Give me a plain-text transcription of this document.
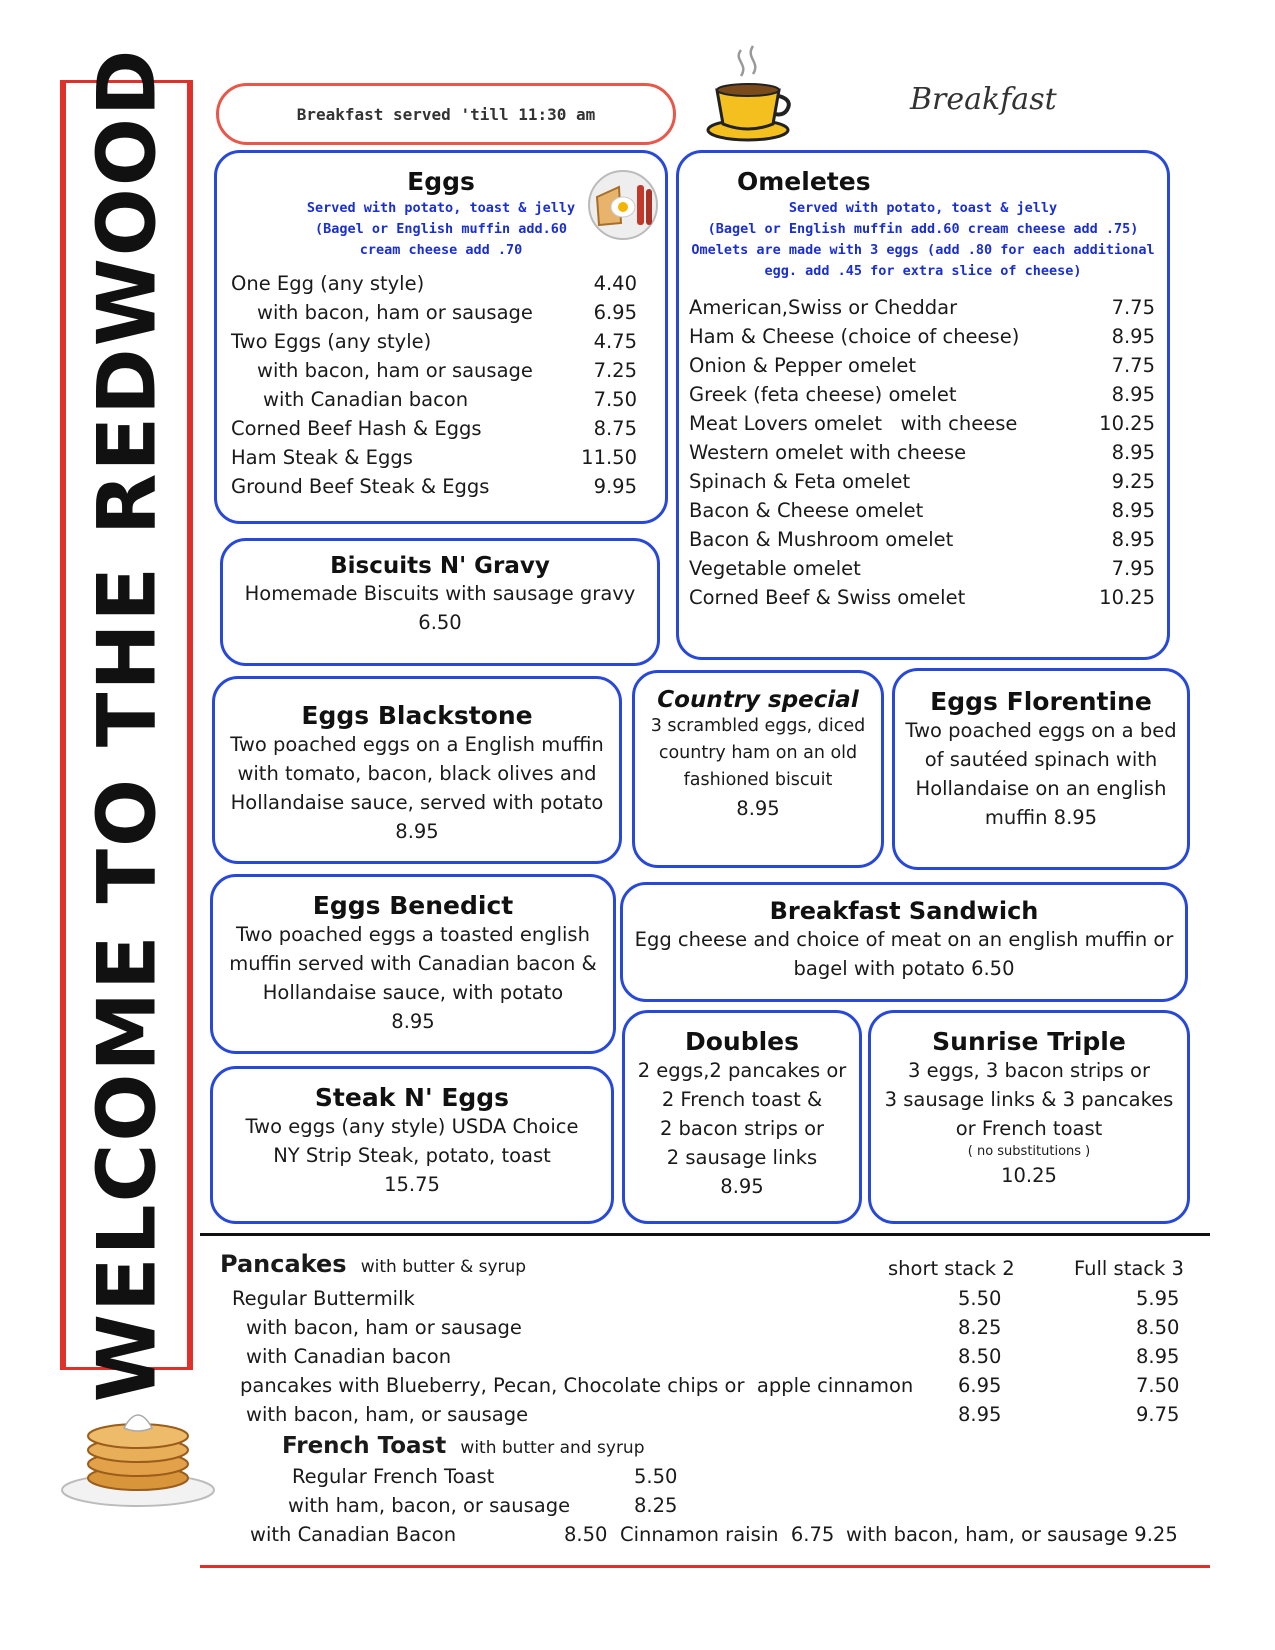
WELCOME TO THE REDWOOD	Breakfast served 'till 11:30 am	Breakfast
Eggs
Served with potato, toast & jelly
(Bagel or English muffin add.60
cream cheese add .70
One Egg (any style)	4.40
with bacon, ham or sausage	6.95
Two Eggs (any style)	4.75
with bacon, ham or sausage	7.25
with Canadian bacon	7.50
Corned Beef Hash & Eggs	8.75
Ham Steak & Eggs	11.50
Ground Beef Steak & Eggs	9.95
Omeletes
Served with potato, toast & jelly
(Bagel or English muffin add.60 cream cheese add .75)
Omelets are made with 3 eggs (add .80 for each additional
egg. add .45 for extra slice of cheese)
American,Swiss or Cheddar	7.75
Ham & Cheese (choice of cheese)	8.95
Onion & Pepper omelet	7.75
Greek (feta cheese) omelet	8.95
Meat Lovers omelet   with cheese	10.25
Western omelet with cheese	8.95
Spinach & Feta omelet	9.25
Bacon & Cheese omelet	8.95
Bacon & Mushroom omelet	8.95
Vegetable omelet	7.95
Corned Beef & Swiss omelet	10.25
Biscuits N' Gravy
Homemade Biscuits with sausage gravy
6.50
Eggs Blackstone
Two poached eggs on a English muffin
with tomato, bacon, black olives and
Hollandaise sauce, served with potato
8.95
Country special
3 scrambled eggs, diced
country ham on an old
fashioned biscuit
8.95
Eggs Florentine
Two poached eggs on a bed
of sautéed spinach with
Hollandaise on an english
muffin 8.95
Eggs Benedict
Two poached eggs a toasted english
muffin served with Canadian bacon &
Hollandaise sauce, with potato
8.95
Breakfast Sandwich
Egg cheese and choice of meat on an english muffin or
bagel with potato 6.50
Steak N' Eggs
Two eggs (any style) USDA Choice
NY Strip Steak, potato, toast
15.75
Doubles
2 eggs,2 pancakes or
2 French toast &
2 bacon strips or
2 sausage links
8.95
Sunrise Triple
3 eggs, 3 bacon strips or
3 sausage links & 3 pancakes
or French toast
( no substitutions )
10.25
Pancakes with butter & syrup	short stack 2	Full stack 3
Regular Buttermilk	5.50	5.95
with bacon, ham or sausage	8.25	8.50
with Canadian bacon	8.50	8.95
pancakes with Blueberry, Pecan, Chocolate chips or  apple cinnamon 6.95	7.50
with bacon, ham, or sausage	8.95	9.75
French Toast with butter and syrup
Regular French Toast	5.50
with ham, bacon, or sausage	8.25
with Canadian Bacon	8.50 Cinnamon raisin  6.75 with bacon, ham, or sausage 9.25
